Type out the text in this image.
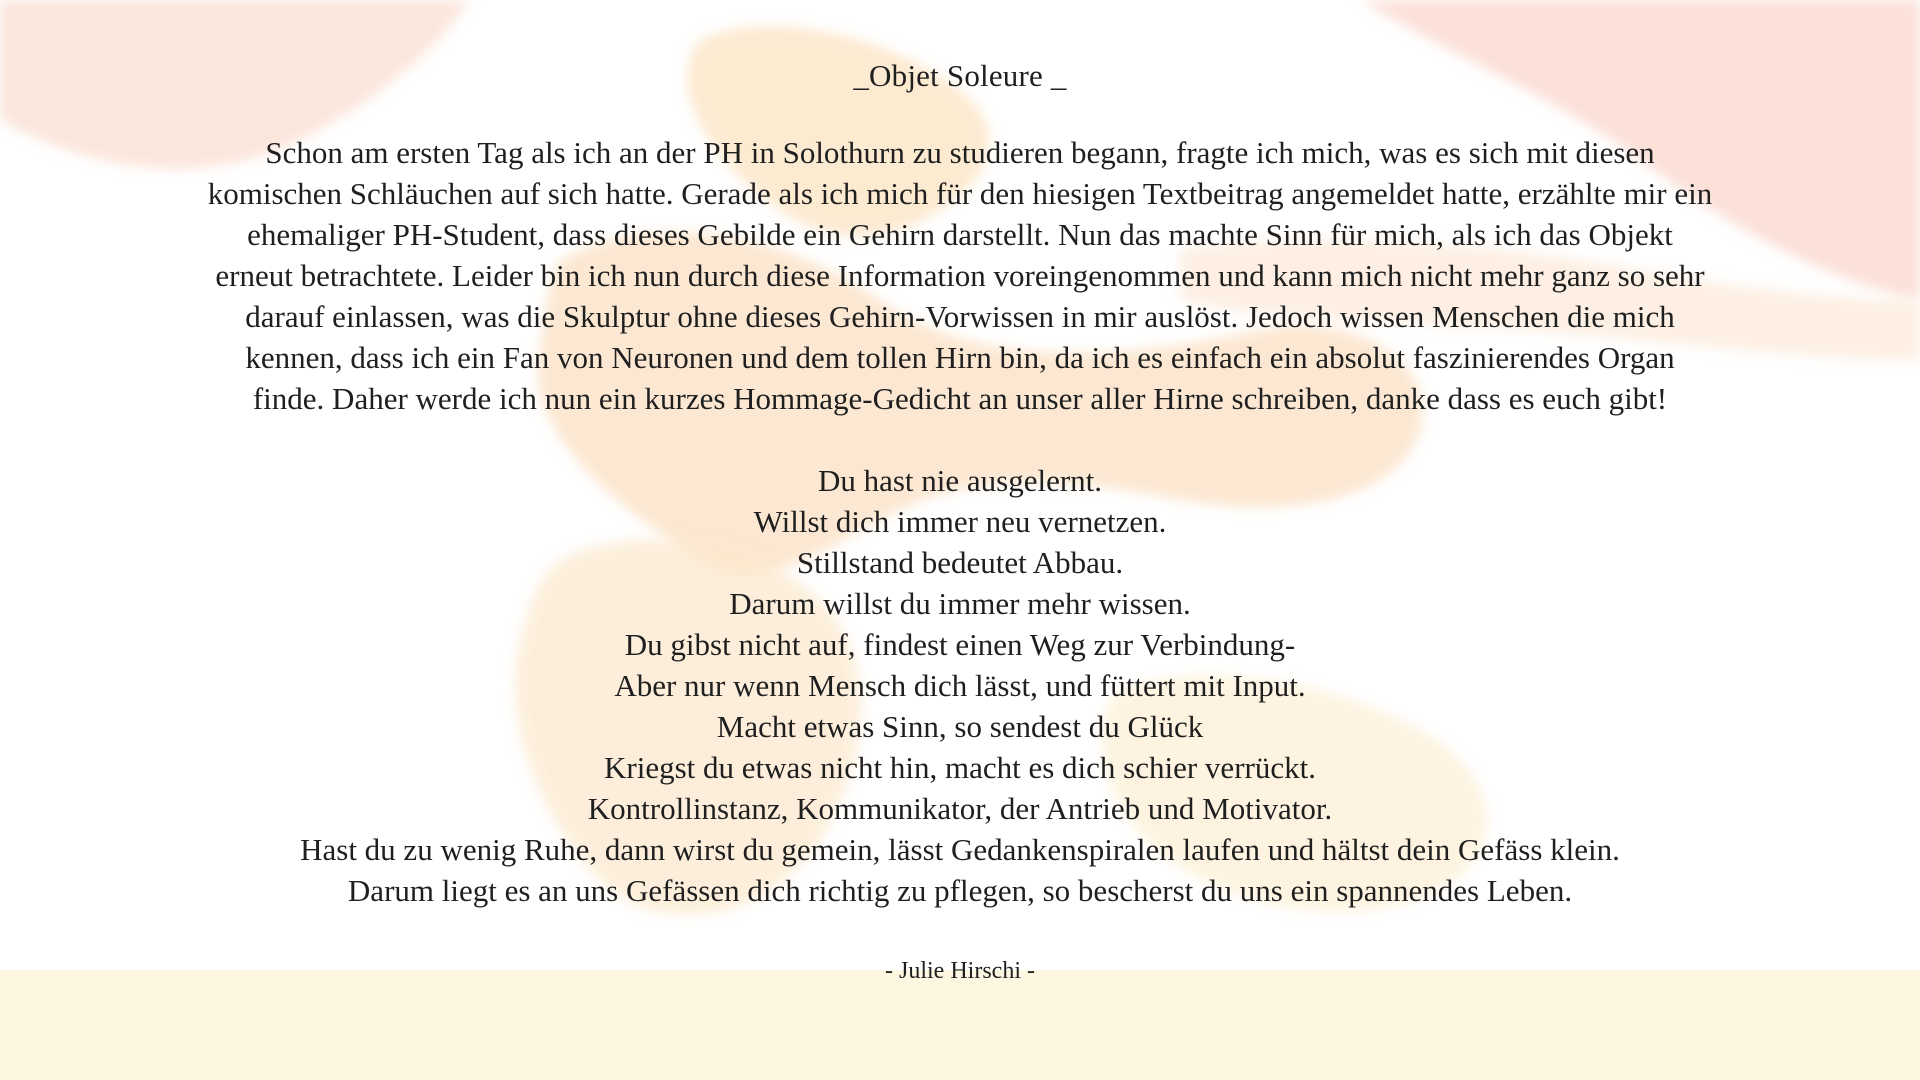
_Objet Soleure _
Schon am ersten Tag als ich an der PH in Solothurn zu studieren begann, fragte ich mich, was es sich mit diesen
komischen Schläuchen auf sich hatte. Gerade als ich mich für den hiesigen Textbeitrag angemeldet hatte, erzählte mir ein
ehemaliger PH-Student, dass dieses Gebilde ein Gehirn darstellt. Nun das machte Sinn für mich, als ich das Objekt
erneut betrachtete. Leider bin ich nun durch diese Information voreingenommen und kann mich nicht mehr ganz so sehr
darauf einlassen, was die Skulptur ohne dieses Gehirn-Vorwissen in mir auslöst. Jedoch wissen Menschen die mich
kennen, dass ich ein Fan von Neuronen und dem tollen Hirn bin, da ich es einfach ein absolut faszinierendes Organ
finde. Daher werde ich nun ein kurzes Hommage-Gedicht an unser aller Hirne schreiben, danke dass es euch gibt!
Du hast nie ausgelernt.
Willst dich immer neu vernetzen.
Stillstand bedeutet Abbau.
Darum willst du immer mehr wissen.
Du gibst nicht auf, findest einen Weg zur Verbindung-
Aber nur wenn Mensch dich lässt, und füttert mit Input.
Macht etwas Sinn, so sendest du Glück
Kriegst du etwas nicht hin, macht es dich schier verrückt.
Kontrollinstanz, Kommunikator, der Antrieb und Motivator.
Hast du zu wenig Ruhe, dann wirst du gemein, lässt Gedankenspiralen laufen und hältst dein Gefäss klein.
Darum liegt es an uns Gefässen dich richtig zu pflegen, so bescherst du uns ein spannendes Leben.

- Julie Hirschi -
